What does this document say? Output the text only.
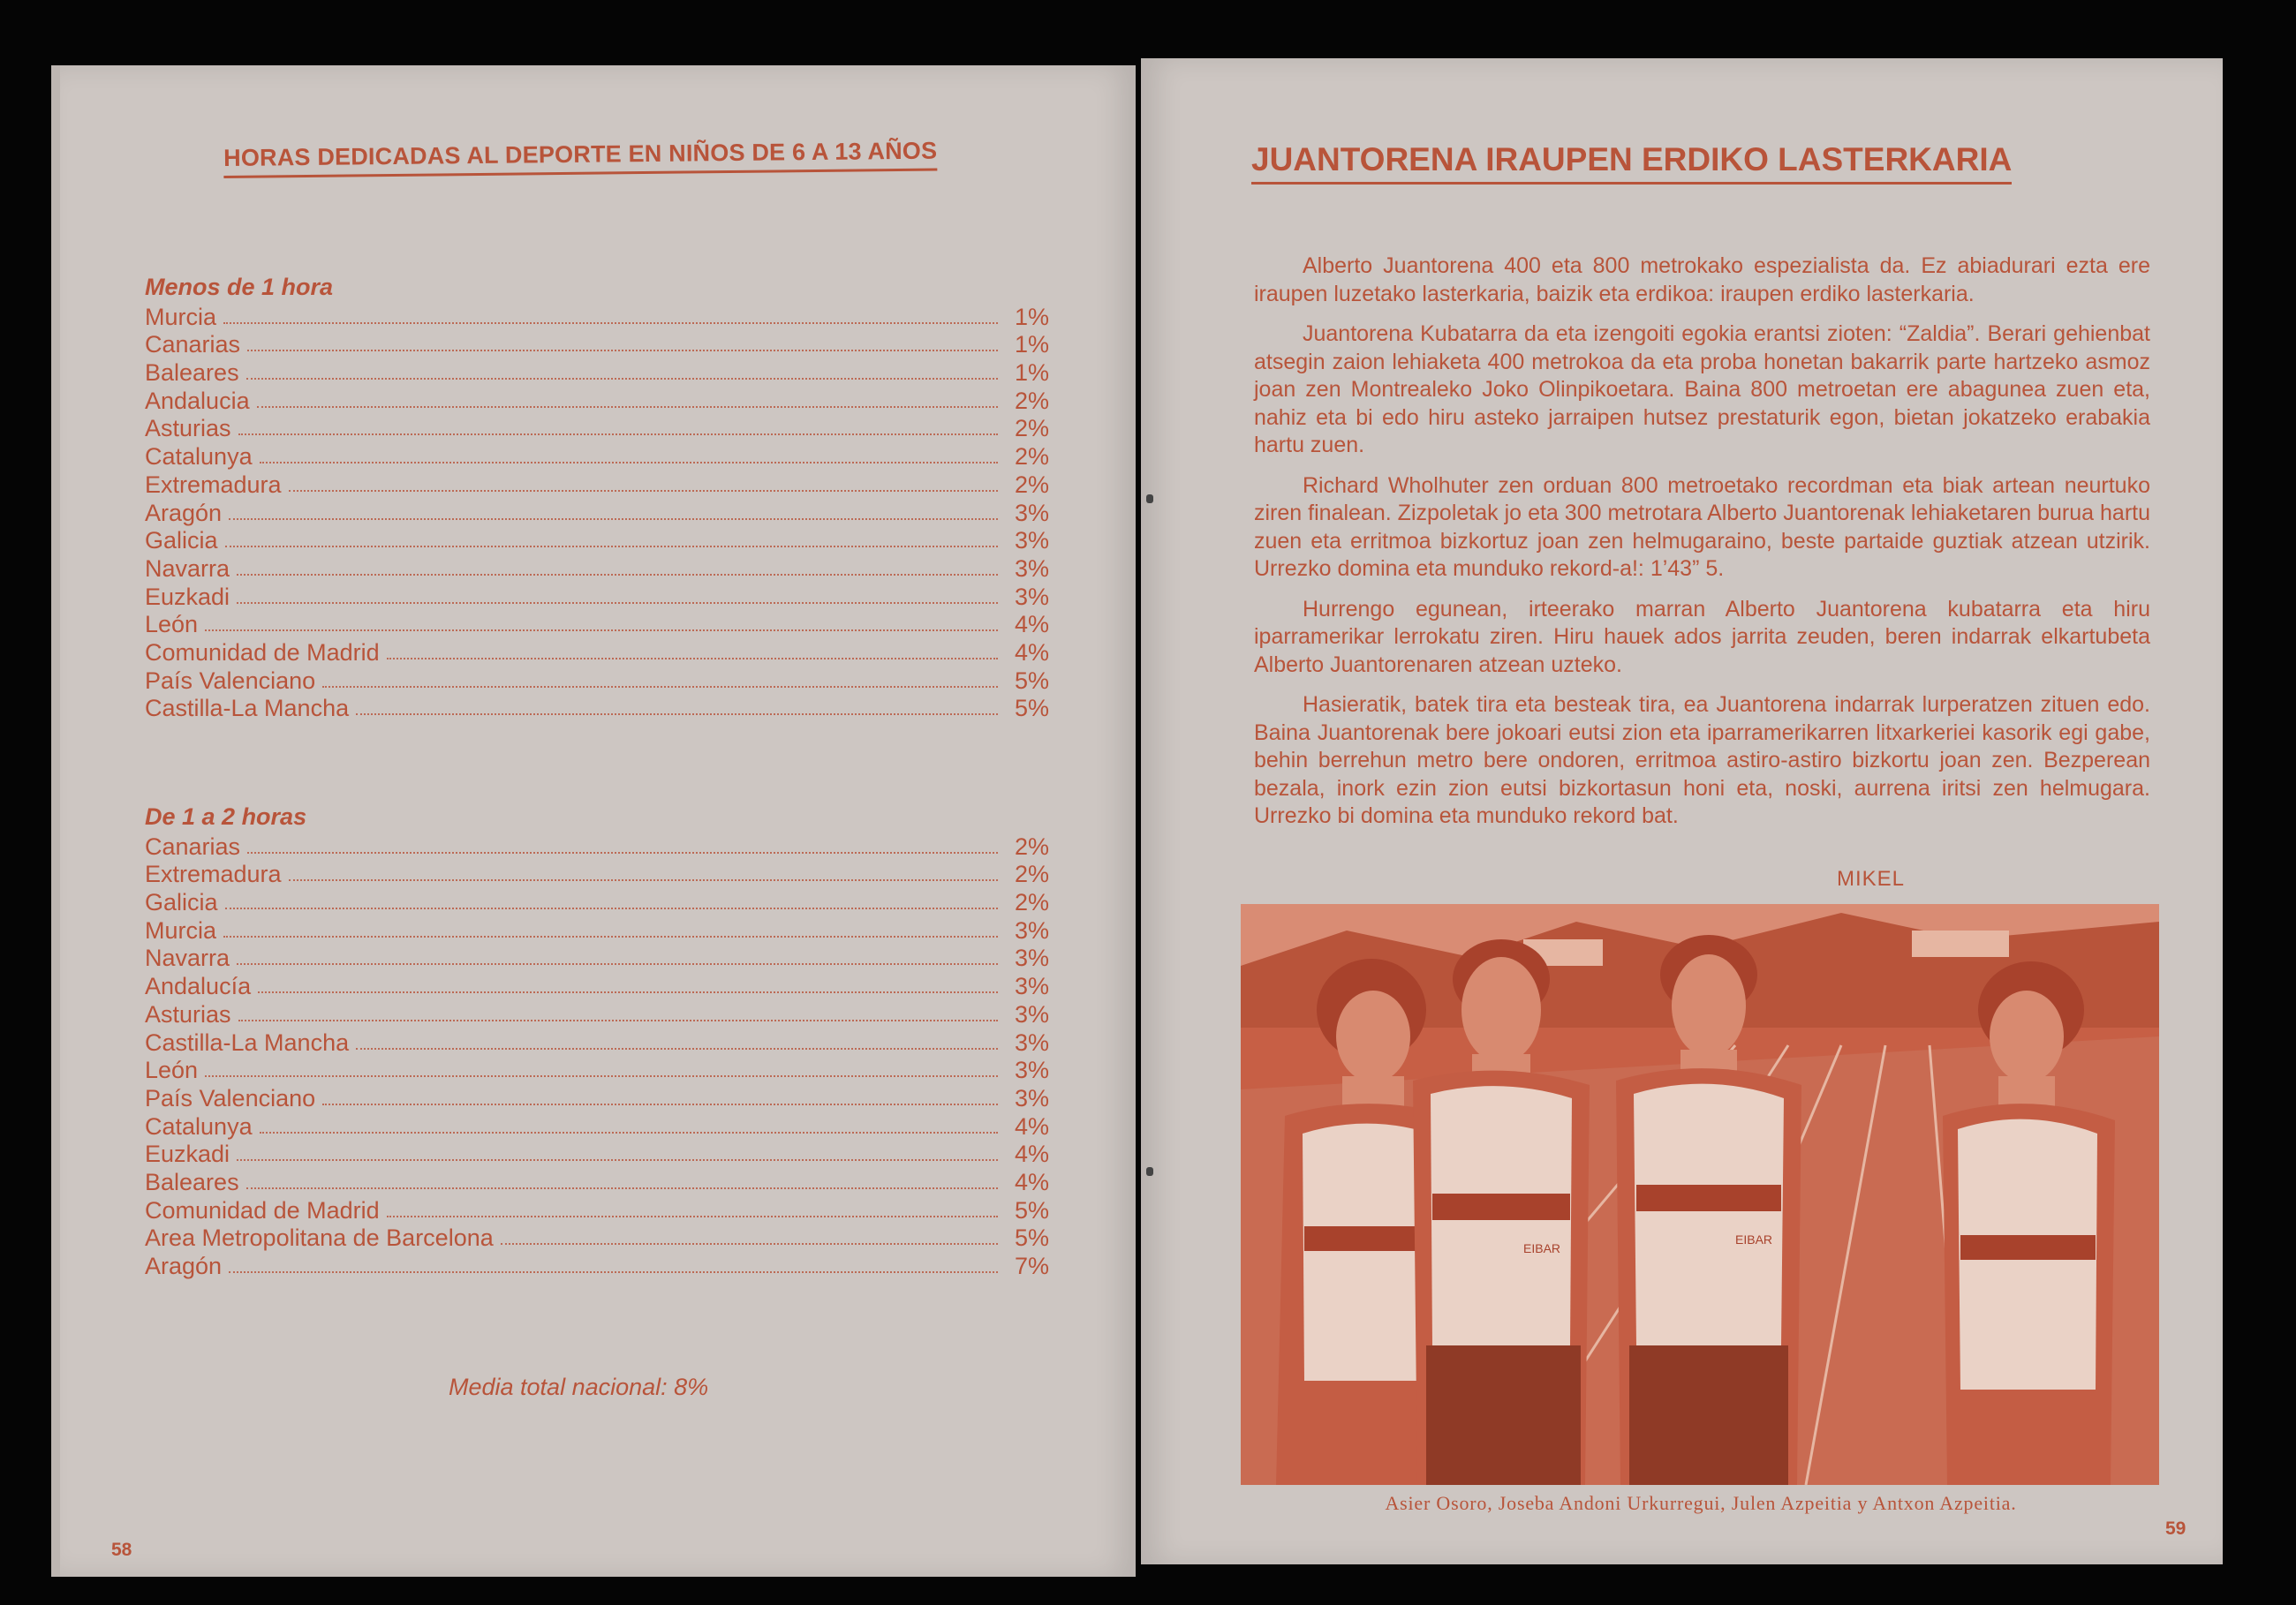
HORAS DEDICADAS AL DEPORTE EN NIÑOS DE 6 A 13 AÑOS
Menos de 1 hora
Murcia	1%
Canarias	1%
Baleares	1%
Andalucia	2%
Asturias	2%
Catalunya	2%
Extremadura	2%
Aragón	3%
Galicia	3%
Navarra	3%
Euzkadi	3%
León	4%
Comunidad de Madrid	4%
País Valenciano	5%
Castilla-La Mancha	5%
De 1 a 2 horas
Canarias	2%
Extremadura	2%
Galicia	2%
Murcia	3%
Navarra	3%
Andalucía	3%
Asturias	3%
Castilla-La Mancha	3%
León	3%
País Valenciano	3%
Catalunya	4%
Euzkadi	4%
Baleares	4%
Comunidad de Madrid	5%
Area Metropolitana de Barcelona	5%
Aragón	7%
Media total nacional: 8%
58
JUANTORENA IRAUPEN ERDIKO LASTERKARIA

Alberto Juantorena 400 eta 800 metrokako espezialista da. Ez abiadurari ezta ere iraupen luzetako lasterkaria, baizik eta erdikoa: iraupen erdiko lasterkaria.

Juantorena Kubatarra da eta izengoiti egokia erantsi zioten: “Zaldia”. Berari gehienbat atsegin zaion lehiaketa 400 metrokoa da eta proba honetan bakarrik parte hartzeko asmoz joan zen Montrealeko Joko Olinpikoetara. Baina 800 metroetan ere abagunea zuen eta, nahiz eta bi edo hiru asteko jarraipen hutsez prestaturik egon, bietan jokatzeko erabakia hartu zuen.

Richard Wholhuter zen orduan 800 metroetako recordman eta biak artean neurtuko ziren finalean. Zizpoletak jo eta 300 metrotara Alberto Juantorenak lehiaketaren burua hartu zuen eta erritmoa bizkortuz joan zen helmugaraino, beste partaide guztiak atzean utzirik. Urrezko domina eta munduko rekord-a!: 1’43” 5.

Hurrengo egunean, irteerako marran Alberto Juantorena kubatarra eta hiru iparramerikar lerrokatu ziren. Hiru hauek ados jarrita zeuden, beren indarrak elkartubeta Alberto Juantorenaren atzean uzteko.

Hasieratik, batek tira eta besteak tira, ea Juantorena indarrak lurperatzen zituen edo. Baina Juantorenak bere jokoari eutsi zion eta iparramerikarren litxarkeriei kasorik egi gabe, behin berrehun metro bere ondoren, erritmoa astiro-astiro bizkortu joan zen. Bezperean bezala, inork ezin zion eutsi bizkortasun honi eta, noski, aurrena iritsi zen helmugara. Urrezko bi domina eta munduko rekord bat.

MIKEL
EIBAR
EIBAR
Asier Osoro, Joseba Andoni Urkurregui, Julen Azpeitia y Antxon Azpeitia.
59
